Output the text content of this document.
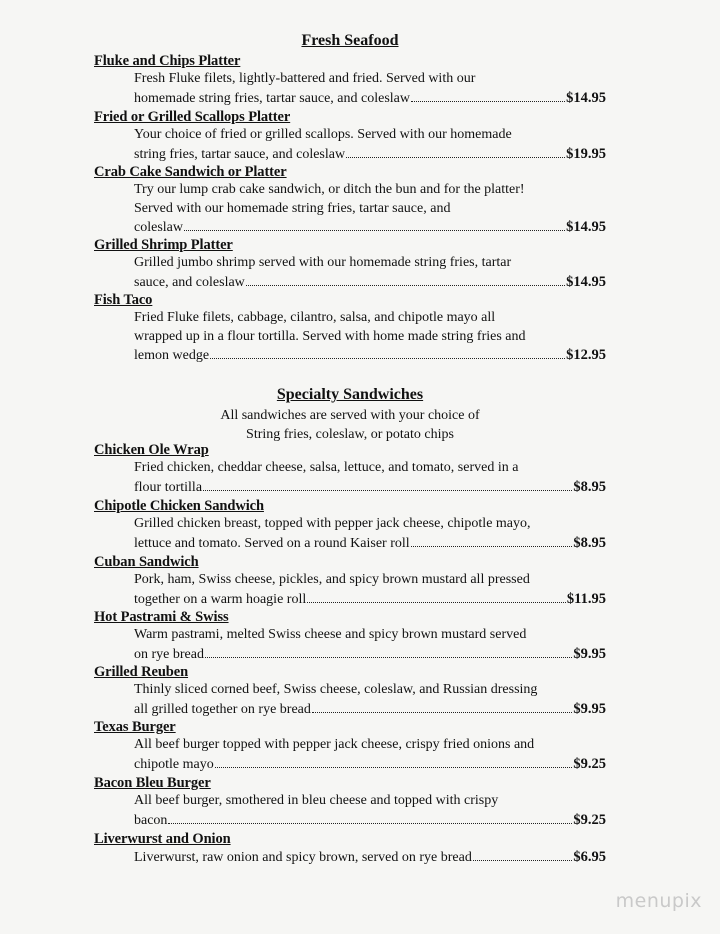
Fresh Seafood
Fluke and Chips Platter
Fresh Fluke filets, lightly-battered and fried. Served with our
homemade string fries, tartar sauce, and coleslaw	$14.95
Fried or Grilled Scallops Platter
Your choice of fried or grilled scallops. Served with our homemade
string fries, tartar sauce, and coleslaw	$19.95
Crab Cake Sandwich or Platter
Try our lump crab cake sandwich, or ditch the bun and for the platter!
Served with our homemade string fries, tartar sauce, and
coleslaw	$14.95
Grilled Shrimp Platter
Grilled jumbo shrimp served with our homemade string fries, tartar
sauce, and coleslaw	$14.95
Fish Taco
Fried Fluke filets, cabbage, cilantro, salsa, and chipotle mayo all
wrapped up in a flour tortilla. Served with home made string fries and
lemon wedge	$12.95
Specialty Sandwiches
All sandwiches are served with your choice of
String fries, coleslaw, or potato chips
Chicken Ole Wrap
Fried chicken, cheddar cheese, salsa, lettuce, and tomato, served in a
flour tortilla	$8.95
Chipotle Chicken Sandwich
Grilled chicken breast, topped with pepper jack cheese, chipotle mayo,
lettuce and tomato. Served on a round Kaiser roll	$8.95
Cuban Sandwich
Pork, ham, Swiss cheese, pickles, and spicy brown mustard all pressed
together on a warm hoagie roll	$11.95
Hot Pastrami & Swiss
Warm pastrami, melted Swiss cheese and spicy brown mustard served
on rye bread	$9.95
Grilled Reuben
Thinly sliced corned beef, Swiss cheese, coleslaw, and Russian dressing
all grilled together on rye bread	$9.95
Texas Burger
All beef burger topped with pepper jack cheese, crispy fried onions and
chipotle mayo	$9.25
Bacon Bleu Burger
All beef burger, smothered in bleu cheese and topped with crispy
bacon	$9.25
Liverwurst and Onion
Liverwurst, raw onion and spicy brown, served on rye bread	$6.95
menupix
